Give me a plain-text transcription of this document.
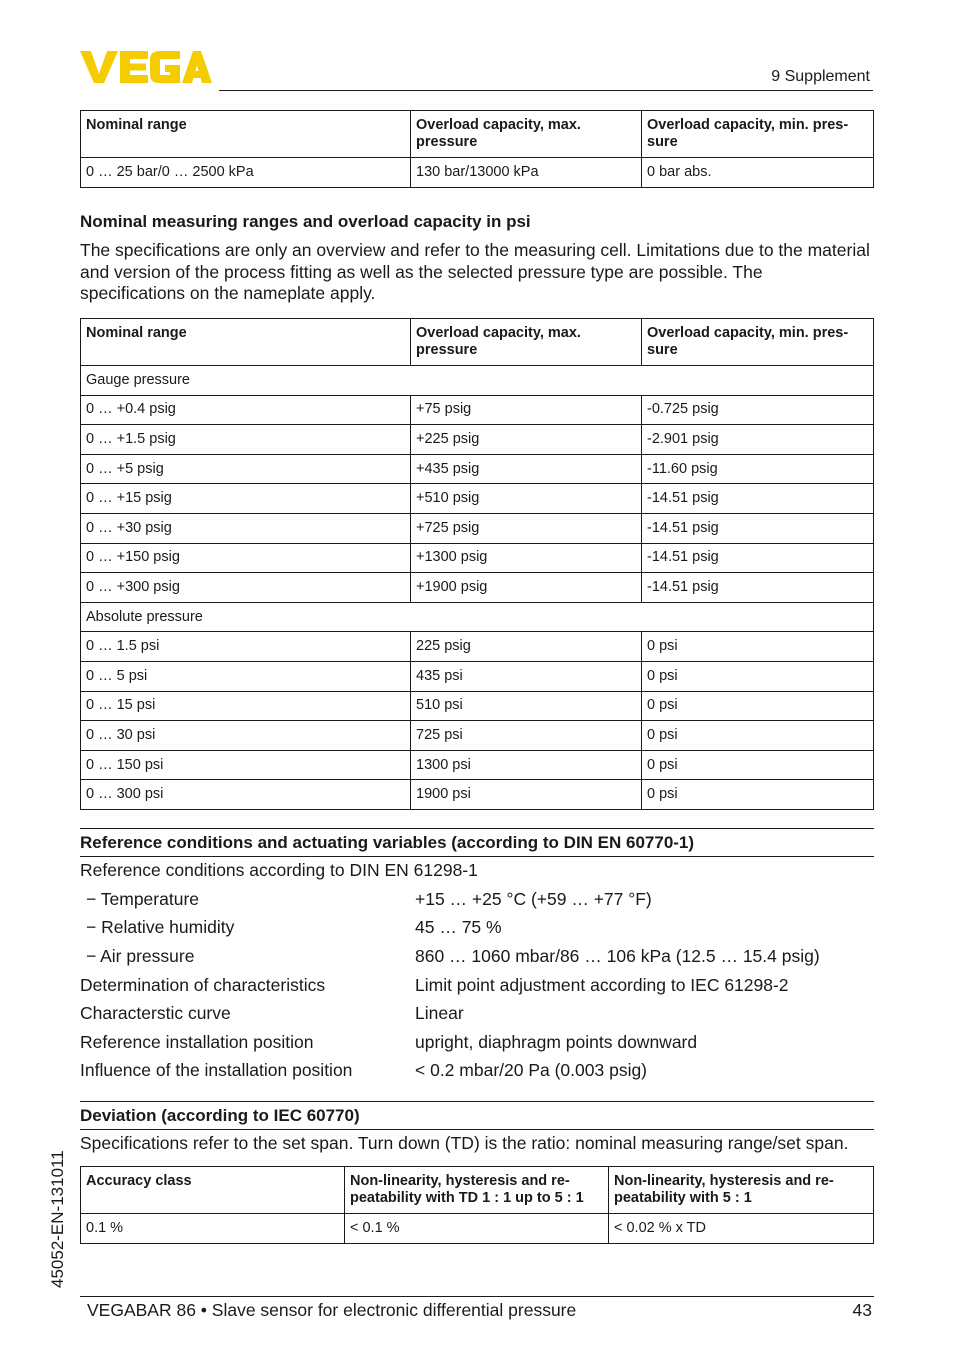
9 Supplement
Nominal range	Overload capacity, max. pressure	Overload capacity, min. pres- sure
0 … 25 bar/0 … 2500 kPa	130 bar/13000 kPa	0 bar abs.
Nominal measuring ranges and overload capacity in psi
The specifications are only an overview and refer to the measuring cell. Limitations due to the material and version of the process fitting as well as the selected pressure type are possible. The specifications on the nameplate apply.
Nominal range	Overload capacity, max. pressure	Overload capacity, min. pres- sure
Gauge pressure		
0 … +0.4 psig	+75 psig	-0.725 psig
0 … +1.5 psig	+225 psig	-2.901 psig
0 … +5 psig	+435 psig	-11.60 psig
0 … +15 psig	+510 psig	-14.51 psig
0 … +30 psig	+725 psig	-14.51 psig
0 … +150 psig	+1300 psig	-14.51 psig
0 … +300 psig	+1900 psig	-14.51 psig
Absolute pressure		
0 … 1.5 psi	225 psig	0 psi
0 … 5 psi	435 psi	0 psi
0 … 15 psi	510 psi	0 psi
0 … 30 psi	725 psi	0 psi
0 … 150 psi	1300 psi	0 psi
0 … 300 psi	1900 psi	0 psi
Reference conditions and actuating variables (according to DIN EN 60770-1)
Reference conditions according to DIN EN 61298-1
− Temperature	+15 … +25 °C (+59 … +77 °F)
− Relative humidity	45 … 75 %
− Air pressure	860 … 1060 mbar/86 … 106 kPa (12.5 … 15.4 psig)
Determination of characteristics	Limit point adjustment according to IEC 61298-2
Characterstic curve	Linear
Reference installation position	upright, diaphragm points downward
Influence of the installation position	< 0.2 mbar/20 Pa (0.003 psig)
Deviation (according to IEC 60770)
Specifications refer to the set span. Turn down (TD) is the ratio: nominal measuring range/set span.
Accuracy class	Non-linearity, hysteresis and re- peatability with TD 1 : 1 up to 5 : 1	Non-linearity, hysteresis and re- peatability with 5 : 1
0.1 %	< 0.1 %	< 0.02 % x TD
45052-EN-131011
VEGABAR 86 • Slave sensor for electronic differential pressure	43
